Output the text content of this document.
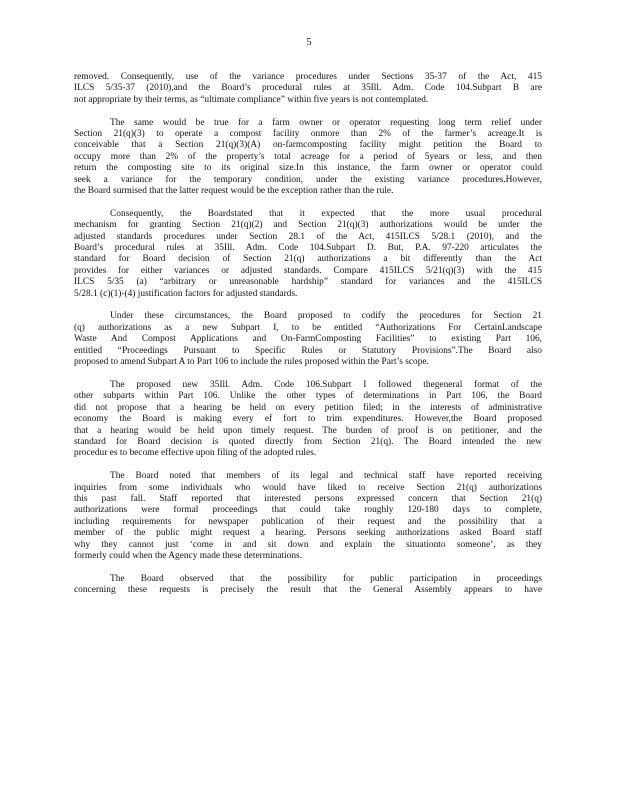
5
removed. Consequently, use of the variance procedures under Sections 35-37 of the Act, 415
ILCS 5/35-37 (2010),and the Board’s procedural rules at 35Ill. Adm. Code 104.Subpart B are
not appropriate by their terms, as “ultimate compliance” within five years is not contemplated.
The same would be true for a farm owner or operator requesting long term relief under
Section 21(q)(3) to operate a compost facility onmore than 2% of the farmer’s acreage.It is
conceivable that a Section 21(q)(3)(A) on-farmcomposting facility might petition the Board to
occupy more than 2% of the property’s total acreage for a period of 5years or less, and then
return the composting site to its original size.In this instance, the farm owner or operator could
seek a variance for the temporary condition, under the existing variance procedures.However,
the Board surmised that the latter request would be the exception rather than the rule.
Consequently, the Boardstated that it expected that the more usual procedural
mechanism for granting Section 21(q)(2) and Section 21(q)(3) authorizations would be under the
adjusted standards procedures under Section 28.1 of the Act, 415ILCS 5/28.1 (2010), and the
Board’s procedural rules at 35Ill. Adm. Code 104.Subpart D. But, P.A. 97-220 articulates the
standard for Board decision of Section 21(q) authorizations a bit differently than the Act
provides for either variances or adjusted standards. Compare 415ILCS 5/21(q)(3) with the 415
ILCS 5/35 (a) “arbitrary or unreasonable hardship” standard for variances and the 415ILCS
5/28.1 (c)(1)-(4) justification factors for adjusted standards.
Under these circumstances, the Board proposed to codify the procedures for Section 21
(q) authorizations as a new Subpart I, to be entitled “Authorizations For CertainLandscape
Waste And Compost Applications and On-FarmComposting Facilities” to existing Part 106,
entitled “Proceedings Pursuant to Specific Rules or Statutory Provisions”.The Board also
proposed to amend Subpart A to Part 106 to include the rules proposed within the Part’s scope.
The proposed new 35Ill. Adm. Code 106.Subpart I followed thegeneral format of the
other subparts within Part 106. Unlike the other types of determinations in Part 106, the Board
did not propose that a hearing be held on every petition filed; in the interests of administrative
economy the Board is making every ef fort to trim expenditures. However,the Board proposed
that a hearing would be held upon timely request. The burden of proof is on petitioner, and the
standard for Board decision is quoted directly from Section 21(q). The Board intended the new
procedur es to become effective upon filing of the adopted rules.
The Board noted that members of its legal and technical staff have reported receiving
inquiries from some individuals who would have liked to receive Section 21(q) authorizations
this past fall. Staff reported that interested persons expressed concern that Section 21(q)
authorizations were formal proceedings that could take roughly 120-180 days to complete,
including requirements for newspaper publication of their request and the possibility that a
member of the public might request a hearing. Persons seeking authorizations asked Board staff
why they cannot just ‘come in and sit down and explain the situationto someone’, as they
formerly could when the Agency made these determinations.
The Board observed that the possibility for public participation in proceedings
concerning these requests is precisely the result that the General Assembly appears to have
